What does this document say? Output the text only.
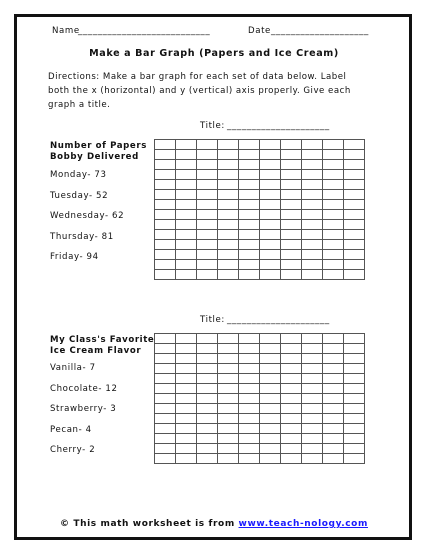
Name
___________________________	Date ____________________
Make a Bar Graph (Papers and Ice Cream)
Directions: Make a bar graph for each set of data below. Label both the x (horizontal) and y (vertical) axis properly. Give each graph a title.
Title: _____________________
Number of Papers
Bobby Delivered
Monday- 73
Tuesday- 52
Wednesday- 62
Thursday- 81
Friday- 94

Title: _____________________
My Class's Favorite
Ice Cream Flavor
Vanilla- 7
Chocolate- 12
Strawberry- 3
Pecan- 4
Cherry- 2

© This math worksheet is from www.teach-nology.com
